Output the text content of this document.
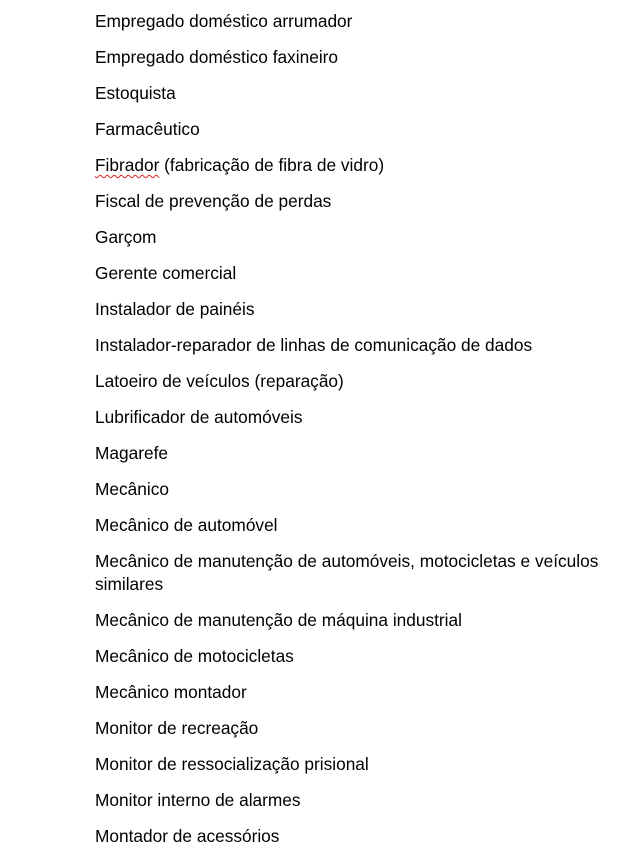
Empregado doméstico arrumador

Empregado doméstico faxineiro

Estoquista

Farmacêutico

Fibrador (fabricação de fibra de vidro)

Fiscal de prevenção de perdas

Garçom

Gerente comercial

Instalador de painéis

Instalador-reparador de linhas de comunicação de dados

Latoeiro de veículos (reparação)

Lubrificador de automóveis

Magarefe

Mecânico

Mecânico de automóvel

Mecânico de manutenção de automóveis, motocicletas e veículos similares

Mecânico de manutenção de máquina industrial

Mecânico de motocicletas

Mecânico montador

Monitor de recreação

Monitor de ressocialização prisional

Monitor interno de alarmes

Montador de acessórios
